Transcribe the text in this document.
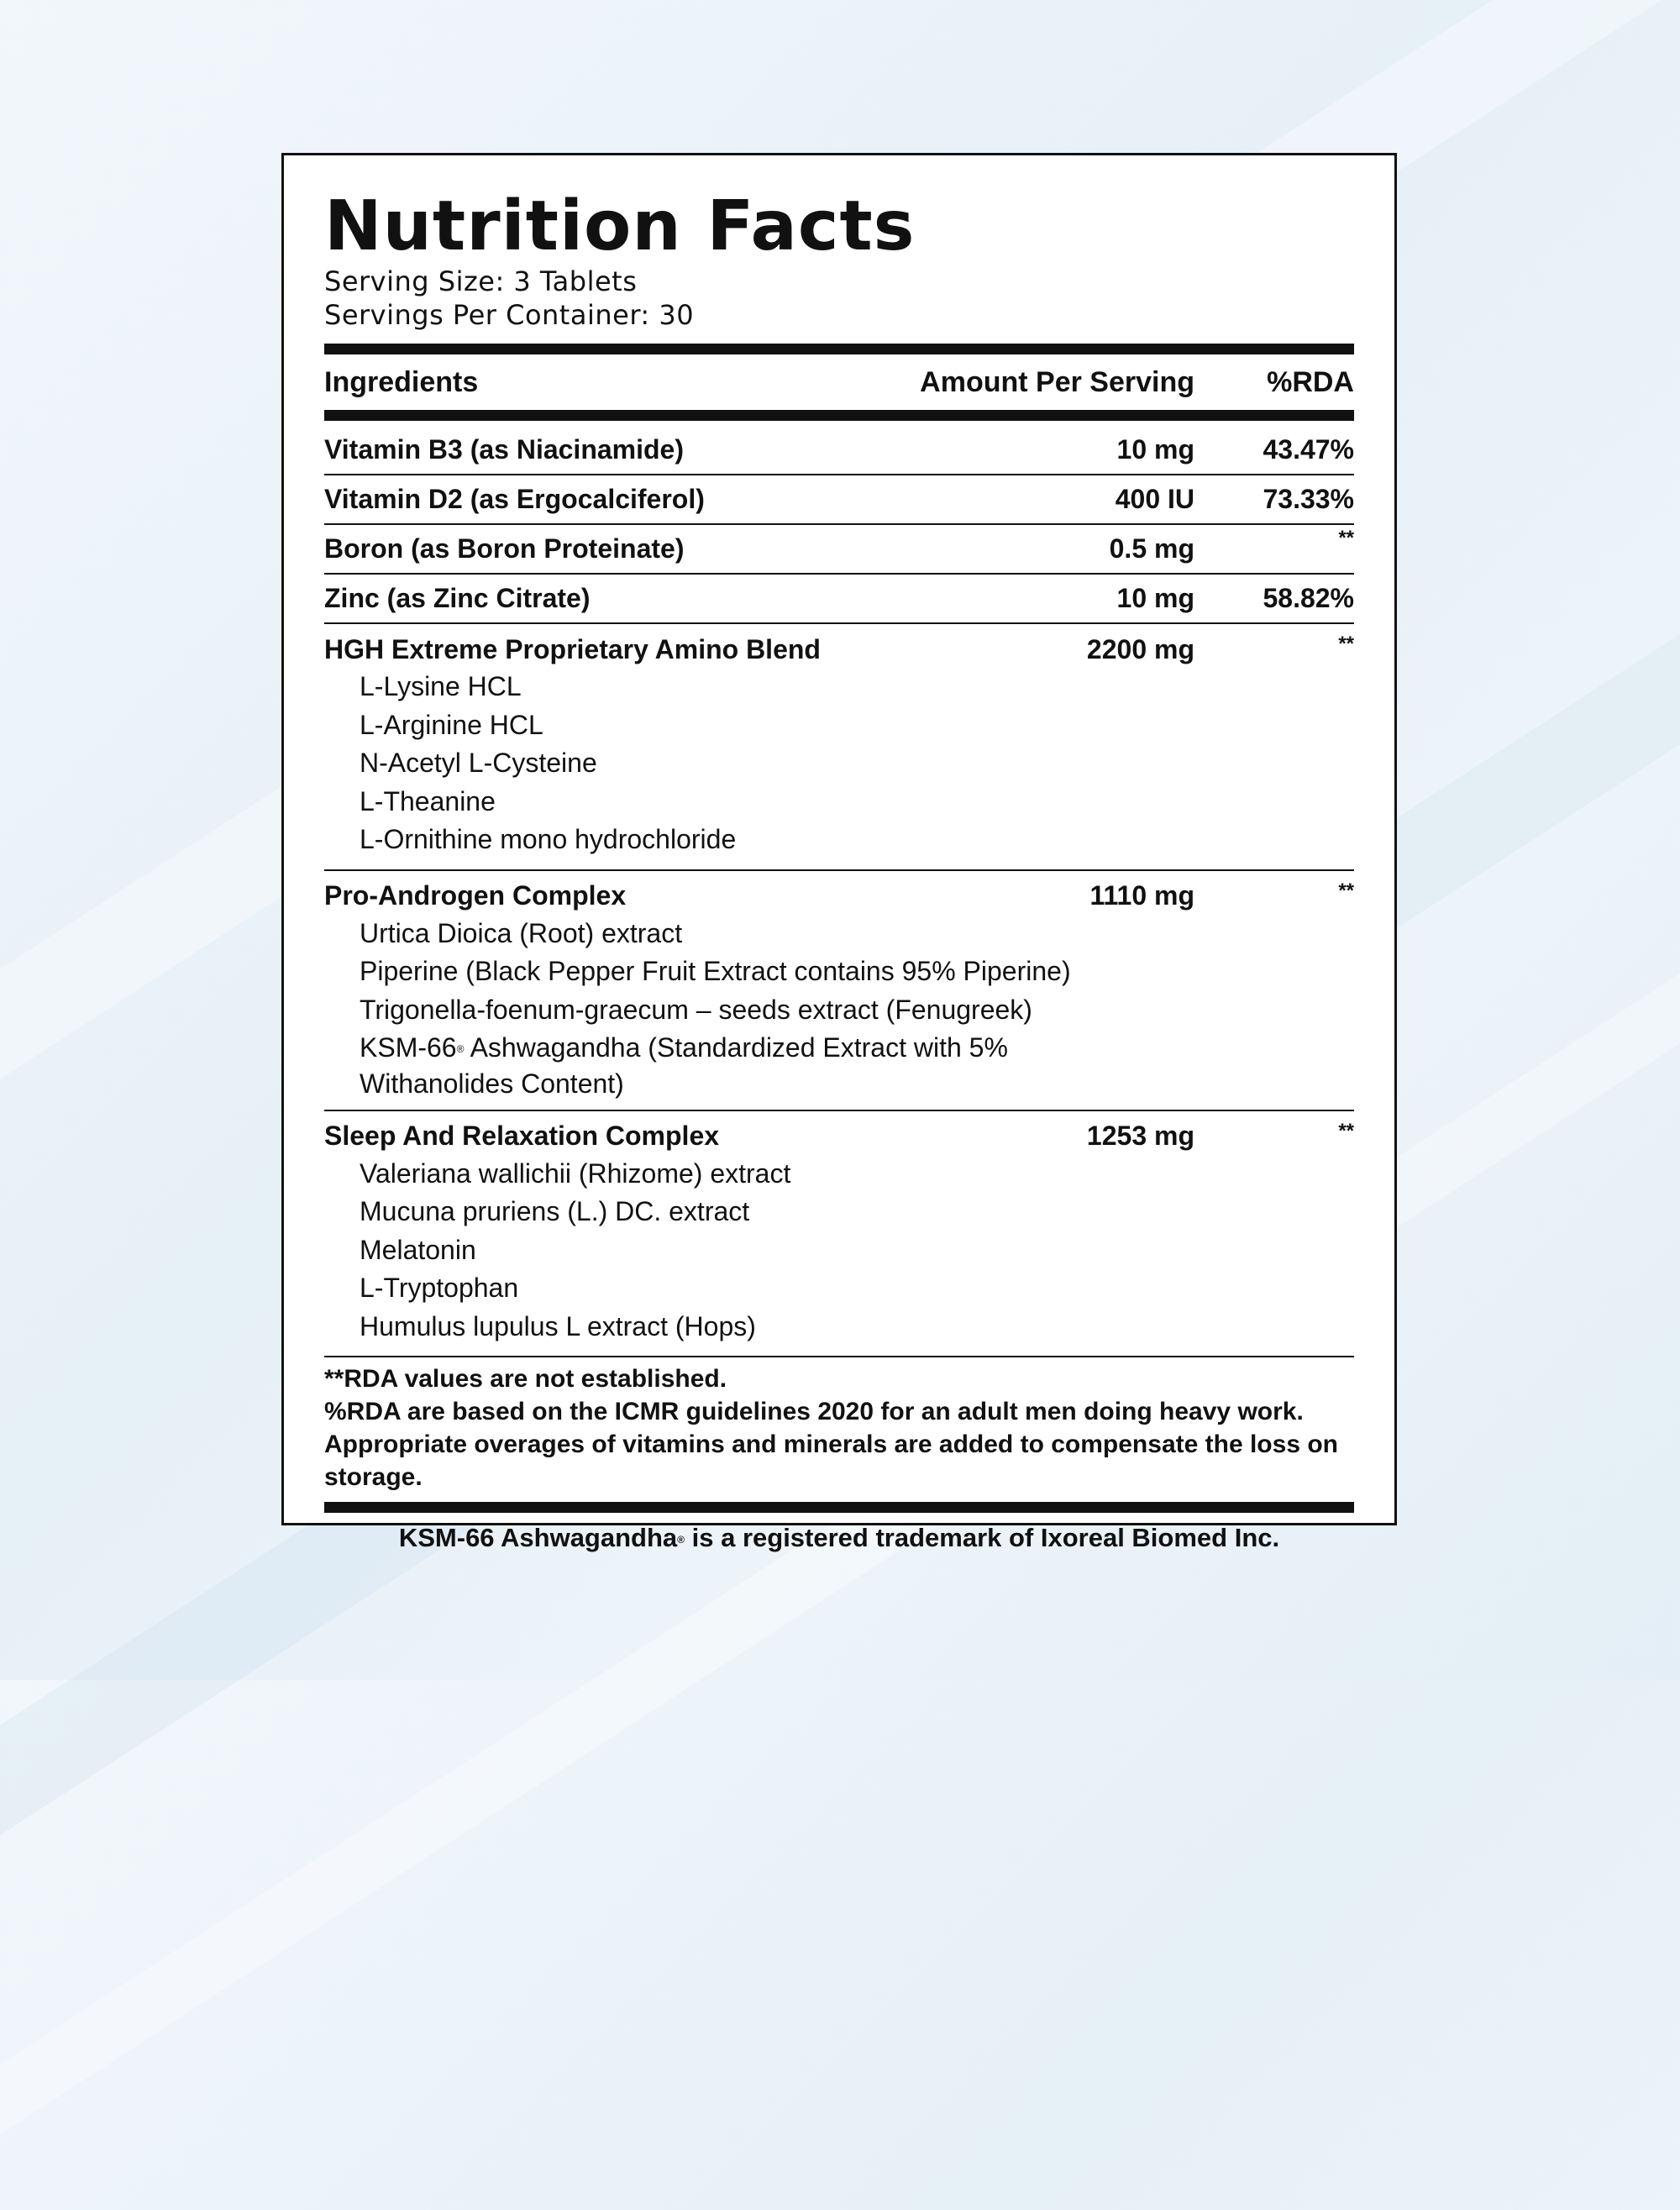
Nutrition Facts
Serving Size: 3 Tablets
Servings Per Container: 30
Ingredients	Amount Per Serving	%RDA
Vitamin B3 (as Niacinamide)	10 mg	43.47%
Vitamin D2 (as Ergocalciferol)	400 IU	73.33%
Boron (as Boron Proteinate)	0.5 mg	**
Zinc (as Zinc Citrate)	10 mg	58.82%
HGH Extreme Proprietary Amino Blend	2200 mg	**
L-Lysine HCL
L-Arginine HCL
N-Acetyl L-Cysteine
L-Theanine
L-Ornithine mono hydrochloride
Pro-Androgen Complex	1110 mg	**
Urtica Dioica (Root) extract
Piperine (Black Pepper Fruit Extract contains 95% Piperine)
Trigonella-foenum-graecum – seeds extract (Fenugreek)
KSM-66® Ashwagandha (Standardized Extract with 5%
Withanolides Content)
Sleep And Relaxation Complex	1253 mg	**
Valeriana wallichii (Rhizome) extract
Mucuna pruriens (L.) DC. extract
Melatonin
L-Tryptophan
Humulus lupulus L extract (Hops)
**RDA values are not established.
%RDA are based on the ICMR guidelines 2020 for an adult men doing heavy work.
Appropriate overages of vitamins and minerals are added to compensate the loss on storage.
KSM-66 Ashwagandha® is a registered trademark of Ixoreal Biomed Inc.
